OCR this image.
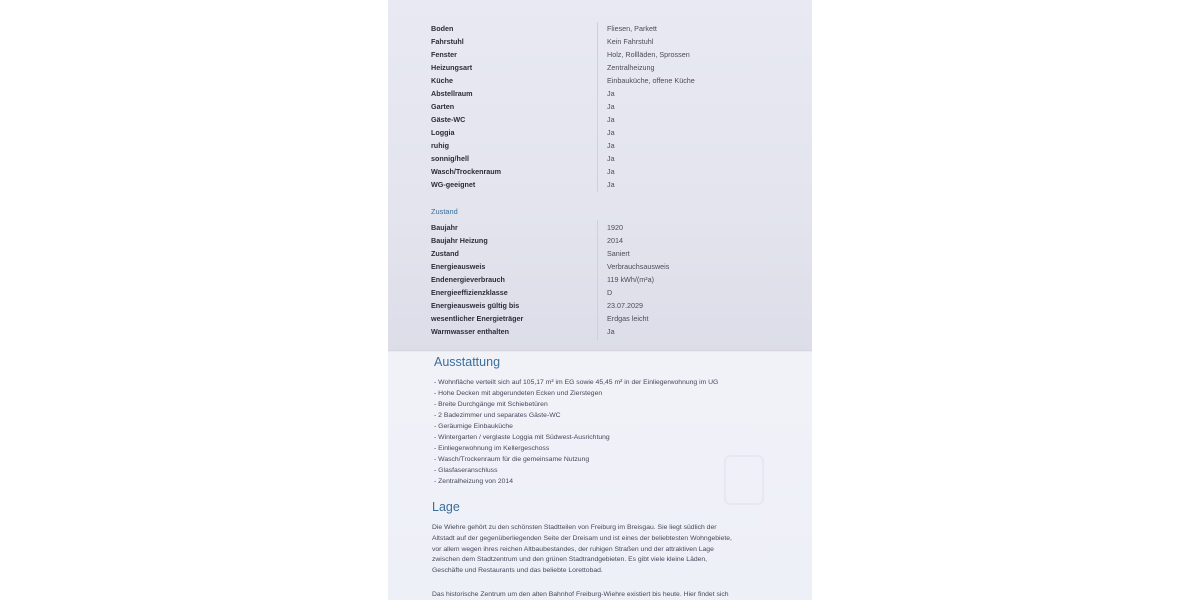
Boden	Fliesen, Parkett
Fahrstuhl	Kein Fahrstuhl
Fenster	Holz, Rollläden, Sprossen
Heizungsart	Zentralheizung
Küche	Einbauküche, offene Küche
Abstellraum	Ja
Garten	Ja
Gäste-WC	Ja
Loggia	Ja
ruhig	Ja
sonnig/hell	Ja
Wasch/Trockenraum	Ja
WG-geeignet	Ja
Zustand
Baujahr	1920
Baujahr Heizung	2014
Zustand	Saniert
Energieausweis	Verbrauchsausweis
Endenergieverbrauch	119 kWh/(m²a)
Energieeffizienzklasse	D
Energieausweis gültig bis	23.07.2029
wesentlicher Energieträger	Erdgas leicht
Warmwasser enthalten	Ja
Ausstattung
- Wohnfläche verteilt sich auf 105,17 m² im EG sowie 45,45 m² in der Einliegerwohnung im UG
- Hohe Decken mit abgerundeten Ecken und Zierstegen
- Breite Durchgänge mit Schiebetüren
- 2 Badezimmer und separates Gäste-WC
- Geräumige Einbauküche
- Wintergarten / verglaste Loggia mit Südwest-Ausrichtung
- Einliegerwohnung im Kellergeschoss
- Wasch/Trockenraum für die gemeinsame Nutzung
- Glasfaseranschluss
- Zentralheizung von 2014
Lage
Die Wiehre gehört zu den schönsten Stadtteilen von Freiburg im Breisgau. Sie liegt südlich der
Altstadt auf der gegenüberliegenden Seite der Dreisam und ist eines der beliebtesten Wohngebiete,
vor allem wegen ihres reichen Altbaubestandes, der ruhigen Straßen und der attraktiven Lage
zwischen dem Stadtzentrum und den grünen Stadtrandgebieten. Es gibt viele kleine Läden,
Geschäfte und Restaurants und das beliebte Lorettobad.
Das historische Zentrum um den alten Bahnhof Freiburg-Wiehre existiert bis heute. Hier findet sich
